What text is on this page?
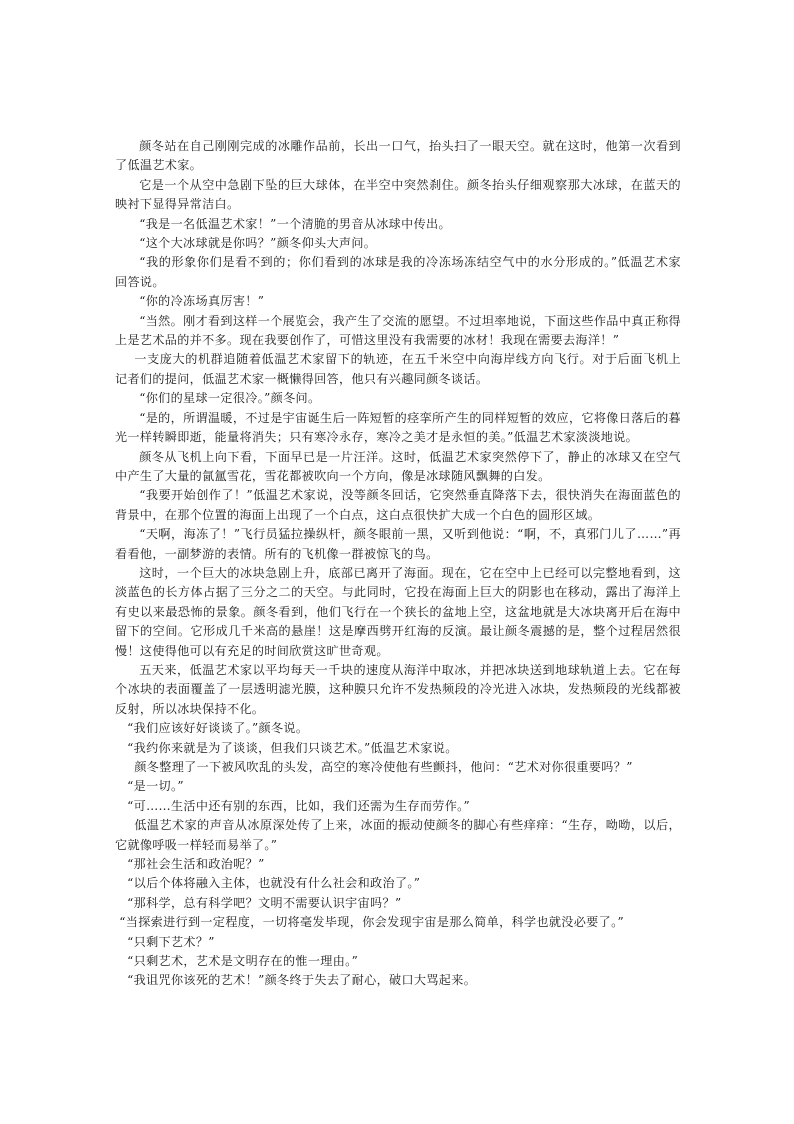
颜冬站在自己刚刚完成的冰雕作品前，长出一口气，抬头扫了一眼天空。就在这时，他第一次看到了低温艺术家。

它是一个从空中急剧下坠的巨大球体，在半空中突然刹住。颜冬抬头仔细观察那大冰球，在蓝天的映衬下显得异常洁白。

“我是一名低温艺术家！”一个清脆的男音从冰球中传出。

“这个大冰球就是你吗？”颜冬仰头大声问。

“我的形象你们是看不到的；你们看到的冰球是我的冷冻场冻结空气中的水分形成的。”低温艺术家回答说。

“你的冷冻场真厉害！”

“当然。刚才看到这样一个展览会，我产生了交流的愿望。不过坦率地说，下面这些作品中真正称得上是艺术品的并不多。现在我要创作了，可惜这里没有我需要的冰材！我现在需要去海洋！”

一支庞大的机群追随着低温艺术家留下的轨迹，在五千米空中向海岸线方向飞行。对于后面飞机上记者们的提问，低温艺术家一概懒得回答，他只有兴趣同颜冬谈话。

“你们的星球一定很冷。”颜冬问。

“是的，所谓温暖，不过是宇宙诞生后一阵短暂的痉挛所产生的同样短暂的效应，它将像日落后的暮光一样转瞬即逝，能量将消失；只有寒冷永存，寒冷之美才是永恒的美。”低温艺术家淡淡地说。

颜冬从飞机上向下看，下面早已是一片汪洋。这时，低温艺术家突然停下了，静止的冰球又在空气中产生了大量的氤氲雪花，雪花都被吹向一个方向，像是冰球随风飘舞的白发。

“我要开始创作了！”低温艺术家说，没等颜冬回话，它突然垂直降落下去，很快消失在海面蓝色的背景中，在那个位置的海面上出现了一个白点，这白点很快扩大成一个白色的圆形区域。

“天啊，海冻了！”飞行员猛拉操纵杆，颜冬眼前一黑，又听到他说：“啊，不，真邪门儿了……”再看看他，一副梦游的表情。所有的飞机像一群被惊飞的鸟。

这时，一个巨大的冰块急剧上升，底部已离开了海面。现在，它在空中上已经可以完整地看到，这淡蓝色的长方体占据了三分之二的天空。与此同时，它投在海面上巨大的阴影也在移动，露出了海洋上有史以来最恐怖的景象。颜冬看到，他们飞行在一个狭长的盆地上空，这盆地就是大冰块离开后在海中留下的空间。它形成几千米高的悬崖！这是摩西劈开红海的反演。最让颜冬震撼的是，整个过程居然很慢！这使得他可以有充足的时间欣赏这旷世奇观。

五天来，低温艺术家以平均每天一千块的速度从海洋中取冰，并把冰块送到地球轨道上去。它在每个冰块的表面覆盖了一层透明滤光膜，这种膜只允许不发热频段的冷光进入冰块，发热频段的光线都被反射，所以冰块保持不化。

“我们应该好好谈谈了。”颜冬说。

“我约你来就是为了谈谈，但我们只谈艺术。”低温艺术家说。

颜冬整理了一下被风吹乱的头发，高空的寒冷使他有些颤抖，他问：“艺术对你很重要吗？”

“是一切。”

“可……生活中还有别的东西，比如，我们还需为生存而劳作。”

低温艺术家的声音从冰原深处传了上来，冰面的振动使颜冬的脚心有些痒痒：“生存，呦呦，以后，它就像呼吸一样轻而易举了。”

“那社会生活和政治呢？”

“以后个体将融入主体，也就没有什么社会和政治了。”

“那科学，总有科学吧？文明不需要认识宇宙吗？”

“当探索进行到一定程度，一切将毫发毕现，你会发现宇宙是那么简单，科学也就没必要了。”

“只剩下艺术？”

“只剩艺术，艺术是文明存在的惟一理由。”

“我诅咒你该死的艺术！”颜冬终于失去了耐心，破口大骂起来。
